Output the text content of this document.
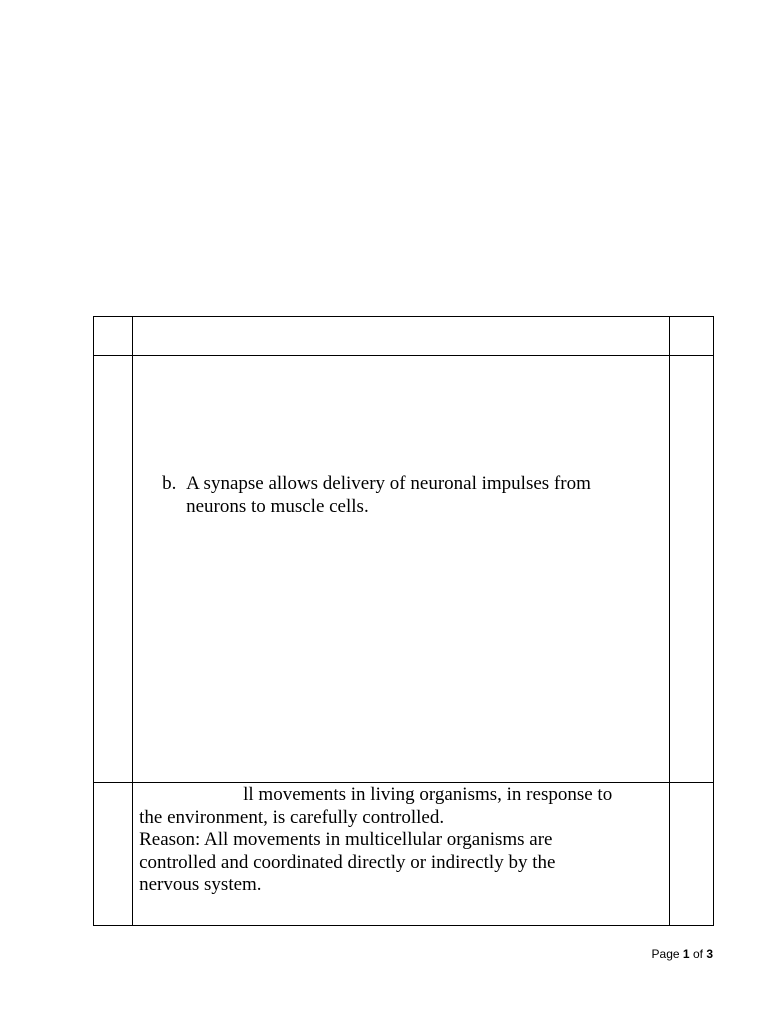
	b. A synapse allows delivery of neuronal impulses from
neurons to muscle cells.	

	ll movements in living organisms, in response to
the environment, is carefully controlled.
Reason: All movements in multicellular organisms are
controlled and coordinated directly or indirectly by the
nervous system.	

Page 1 of 3
